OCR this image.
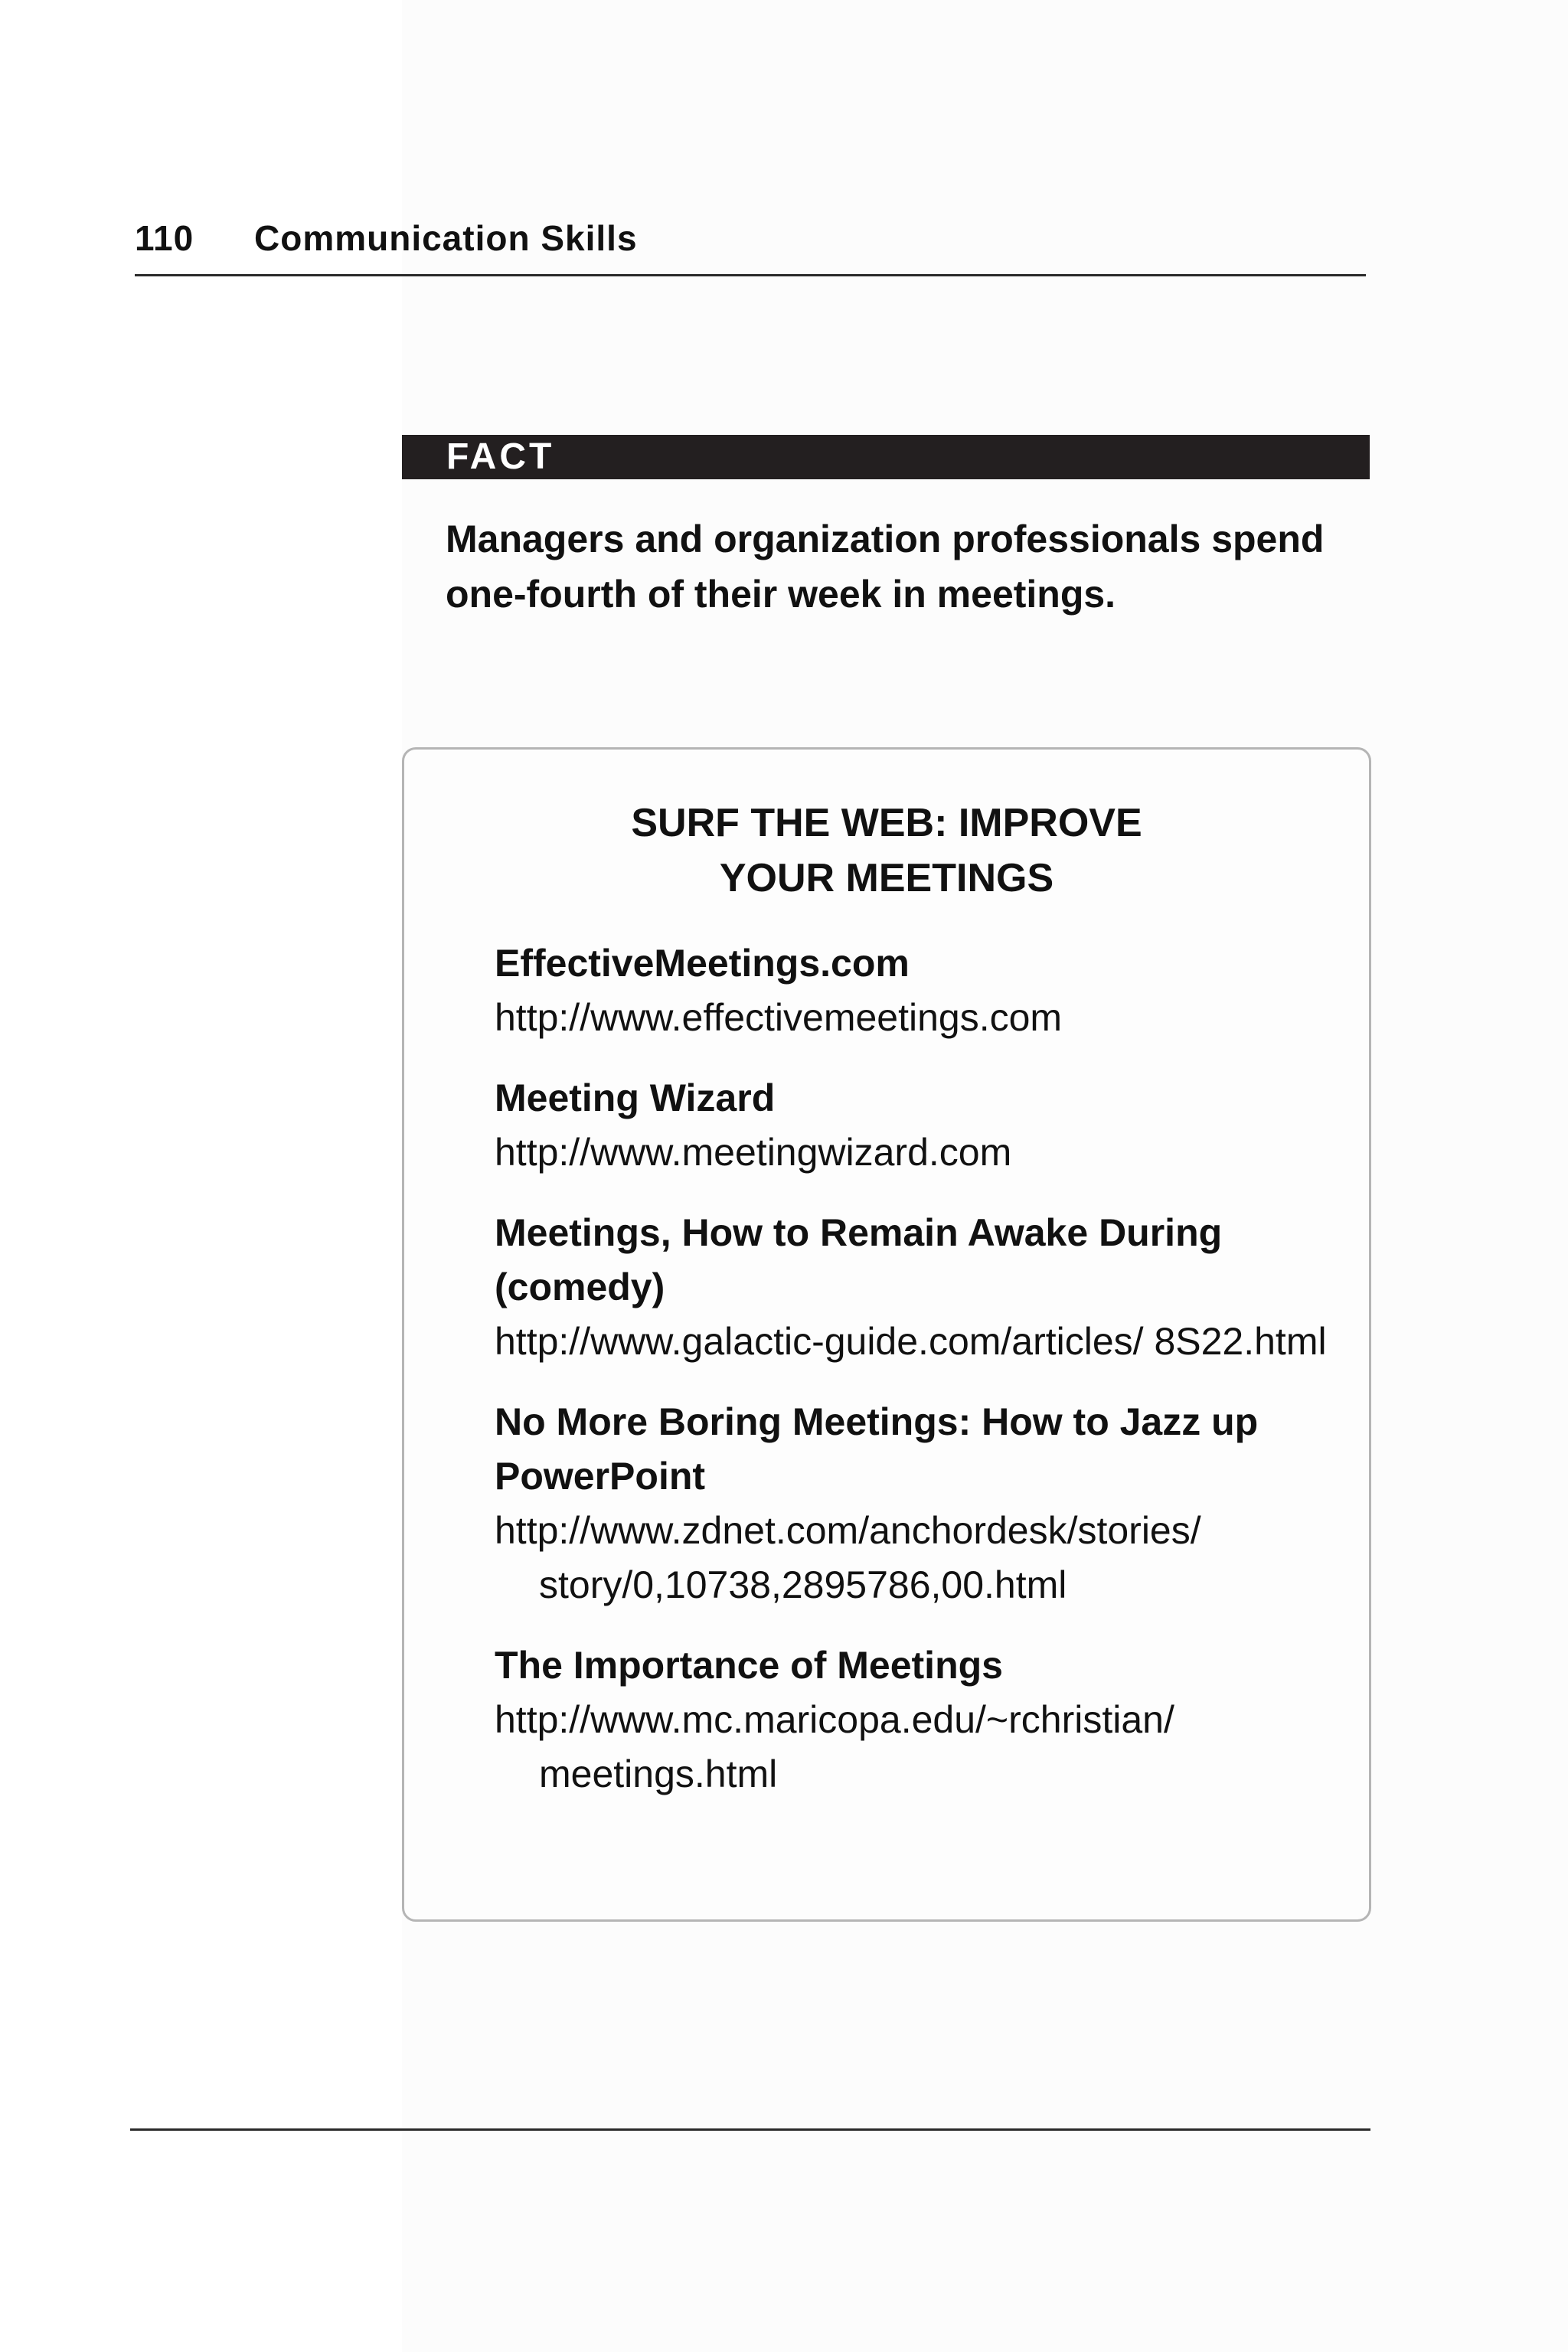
110 Communication Skills
FACT
Managers and organization professionals spend one-fourth of their week in meetings.
SURF THE WEB: IMPROVE
YOUR MEETINGS
EffectiveMeetings.com
http://www.effectivemeetings.com
Meeting Wizard
http://www.meetingwizard.com
Meetings, How to Remain Awake During (comedy)
http://www.galactic-guide.com/articles/ 8S22.html
No More Boring Meetings: How to Jazz up PowerPoint
http://www.zdnet.com/anchordesk/stories/ story/0,10738,2895786,00.html
The Importance of Meetings
http://www.mc.maricopa.edu/~rchristian/ meetings.html
